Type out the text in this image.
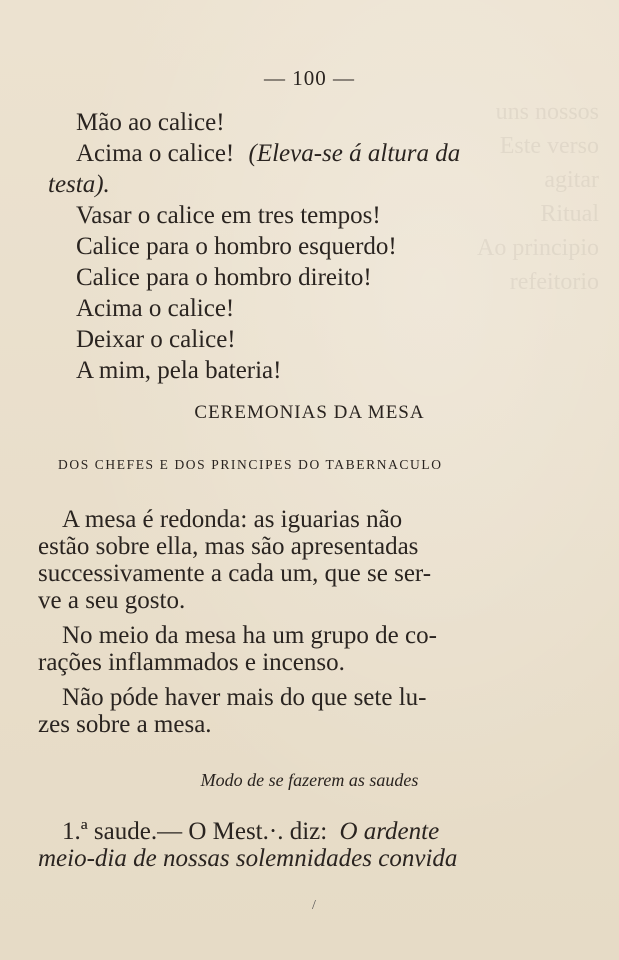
uns nossos
Este verso
agitar
Ritual
Ao principio
refeitorio
— 100 —
Mão ao calice!
Acima o calice! (Eleva-se á altura da
testa).
Vasar o calice em tres tempos!
Calice para o hombro esquerdo!
Calice para o hombro direito!
Acima o calice!
Deixar o calice!
A mim, pela bateria!
CEREMONIAS DA MESA
DOS CHEFES E DOS PRINCIPES DO TABERNACULO
A mesa é redonda: as iguarias não
estão sobre ella, mas são apresentadas
successivamente a cada um, que se ser-
ve a seu gosto.
No meio da mesa ha um grupo de co-
rações inflammados e incenso.
Não póde haver mais do que sete lu-
zes sobre a mesa.
Modo de se fazerem as saudes
1.ª saude.— O Mest.·. diz: O ardente
meio-dia de nossas solemnidades convida
/
